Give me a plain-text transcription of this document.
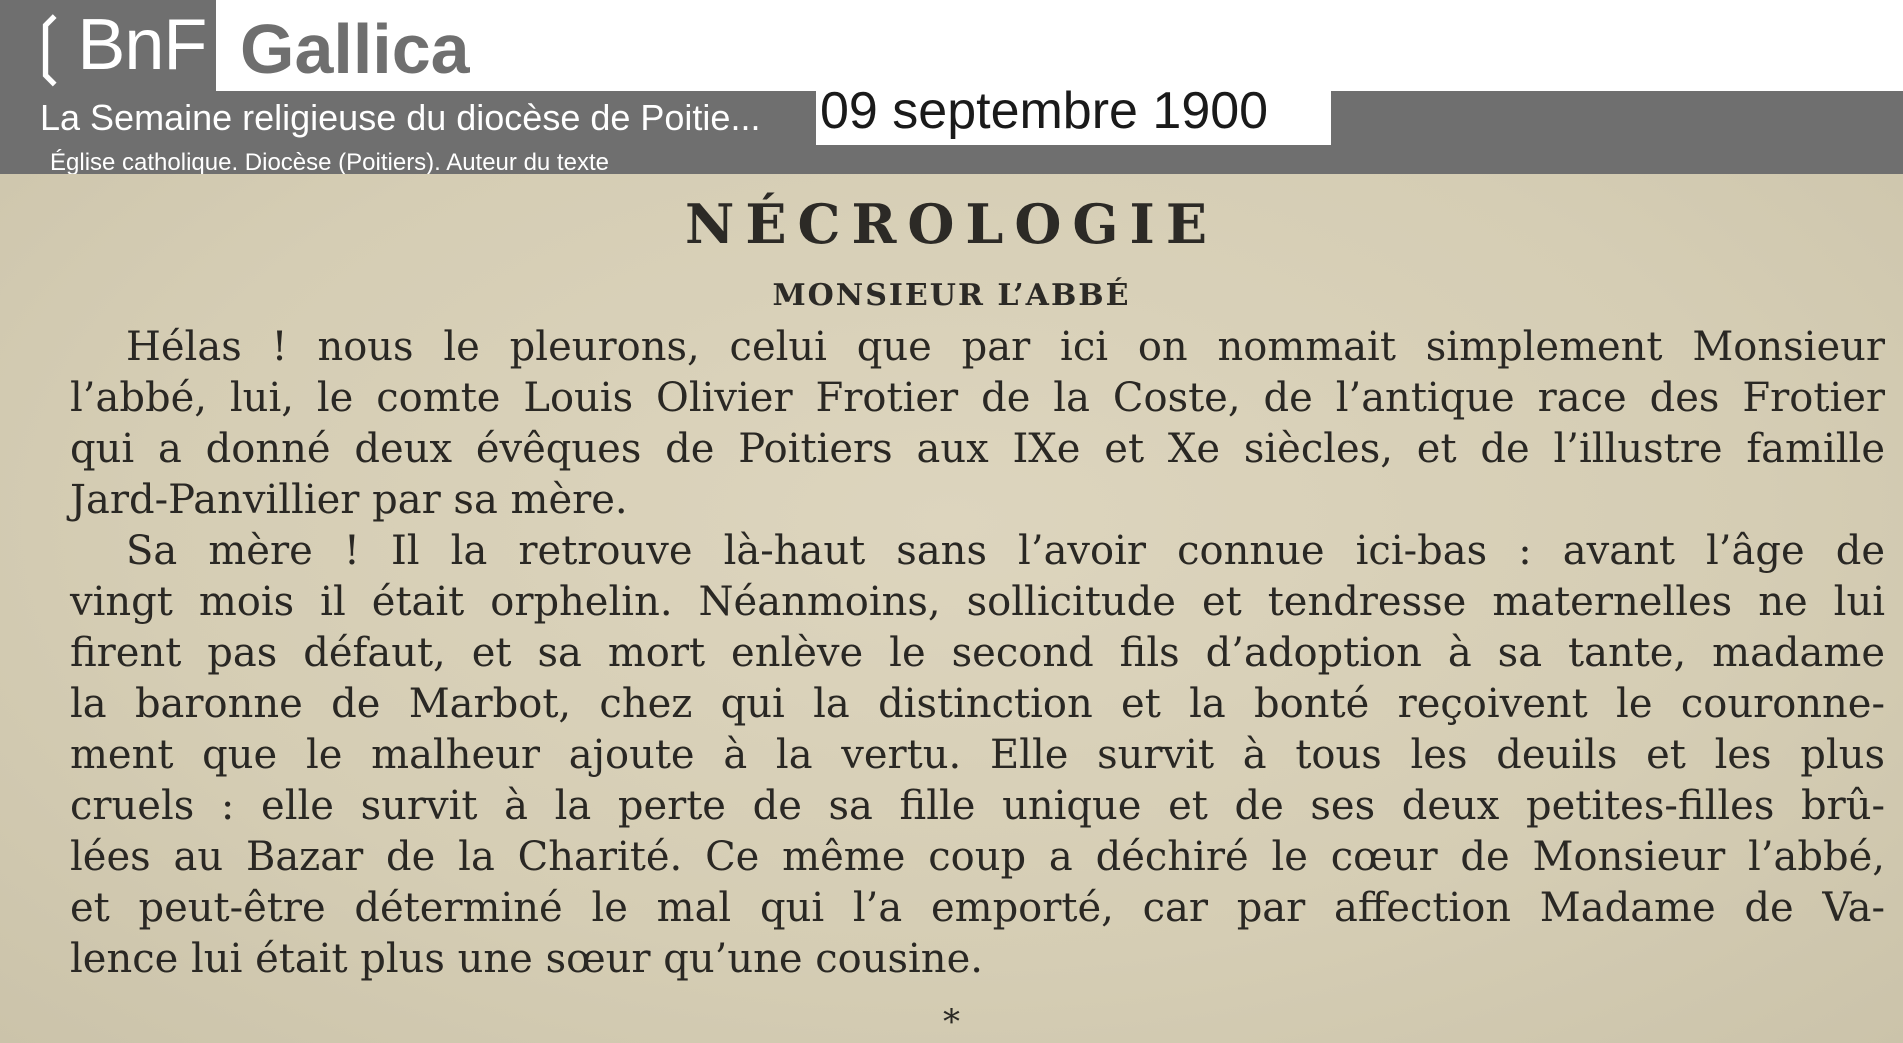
❲BnF Gallica
La Semaine religieuse du diocèse de Poitie...
Église catholique. Diocèse (Poitiers). Auteur du texte
09 septembre 1900
NÉCROLOGIE
MONSIEUR L’ABBÉ
Hélas ! nous le pleurons, celui que par ici on nommait simplement Monsieur
l’abbé, lui, le comte Louis Olivier Frotier de la Coste, de l’antique race des Frotier
qui a donné deux évêques de Poitiers aux IXe et Xe siècles, et de l’illustre famille
Jard-Panvillier par sa mère.
Sa mère ! Il la retrouve là-haut sans l’avoir connue ici-bas : avant l’âge de
vingt mois il était orphelin. Néanmoins, sollicitude et tendresse maternelles ne lui
firent pas défaut, et sa mort enlève le second fils d’adoption à sa tante, madame
la baronne de Marbot, chez qui la distinction et la bonté reçoivent le couronne-
ment que le malheur ajoute à la vertu. Elle survit à tous les deuils et les plus
cruels : elle survit à la perte de sa fille unique et de ses deux petites-filles brû-
lées au Bazar de la Charité. Ce même coup a déchiré le cœur de Monsieur l’abbé,
et peut-être déterminé le mal qui l’a emporté, car par affection Madame de Va-
lence lui était plus une sœur qu’une cousine.
*
